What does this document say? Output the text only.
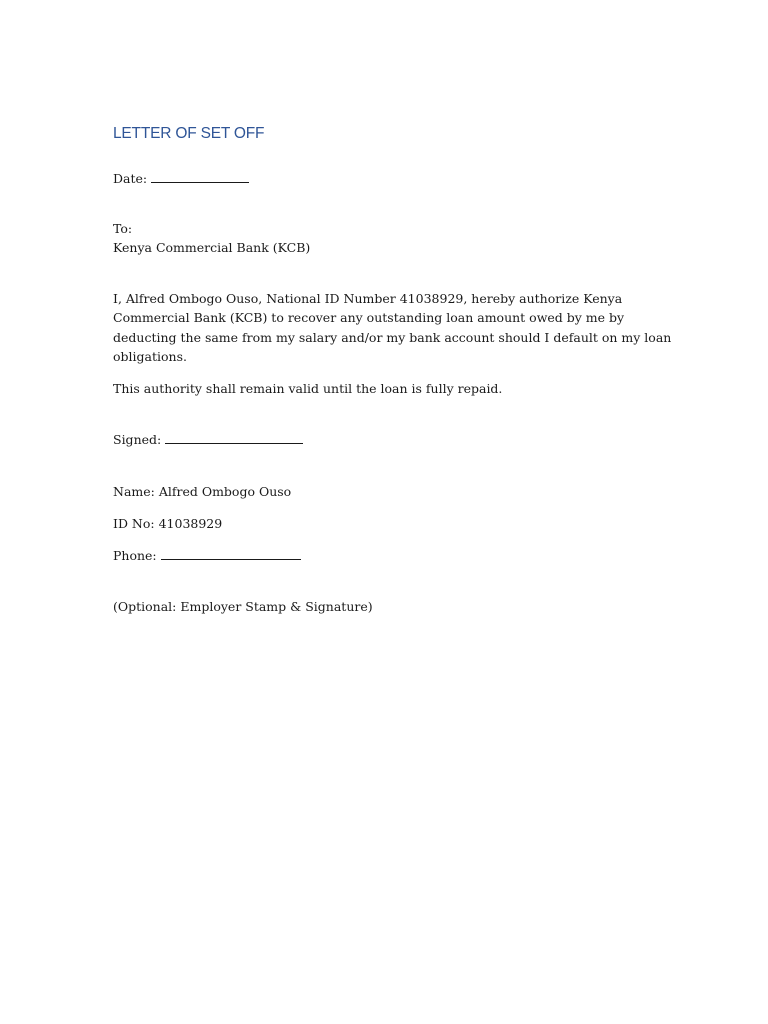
LETTER OF SET OFF
Date:
To:
Kenya Commercial Bank (KCB)
I, Alfred Ombogo Ouso, National ID Number 41038929, hereby authorize Kenya Commercial Bank (KCB) to recover any outstanding loan amount owed by me by deducting the same from my salary and/or my bank account should I default on my loan obligations.
This authority shall remain valid until the loan is fully repaid.
Signed:
Name: Alfred Ombogo Ouso
ID No: 41038929
Phone:
(Optional: Employer Stamp & Signature)
